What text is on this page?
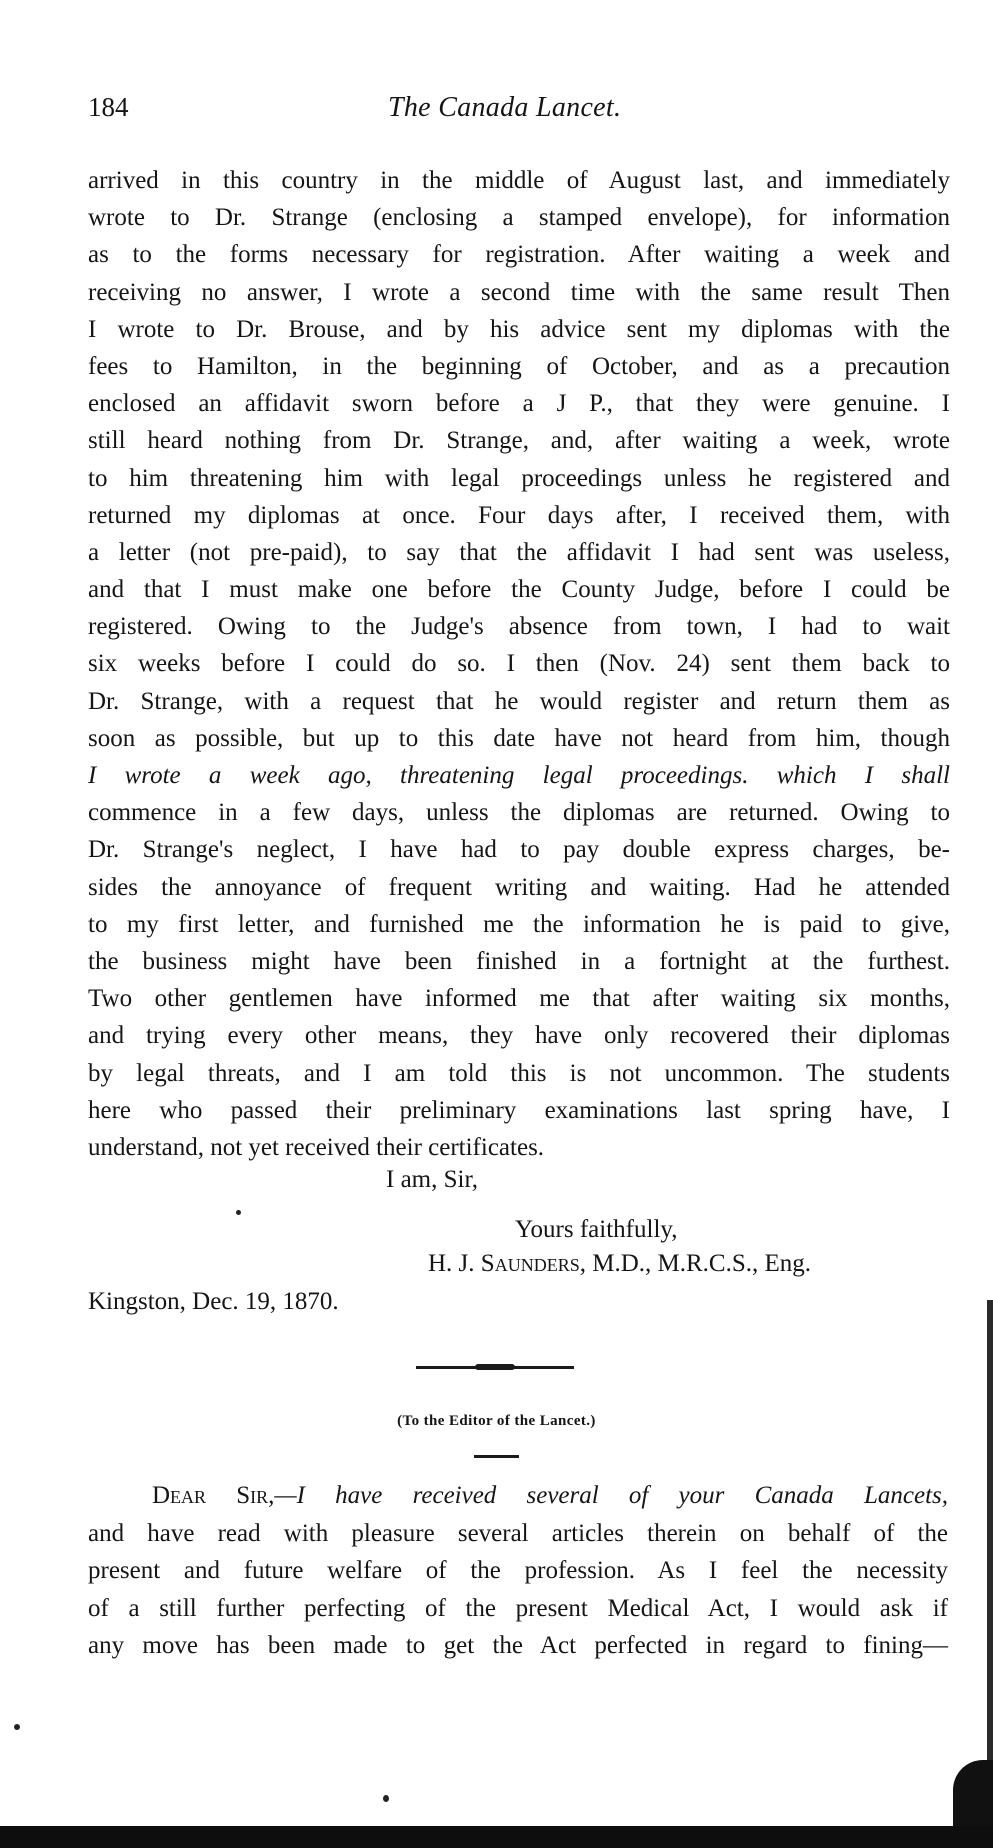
184	The Canada Lancet.
arrived in this country in the middle of August last, and immediately
wrote to Dr. Strange (enclosing a stamped envelope), for information
as to the forms necessary for registration. After waiting a week and
receiving no answer, I wrote a second time with the same result Then
I wrote to Dr. Brouse, and by his advice sent my diplomas with the
fees to Hamilton, in the beginning of October, and as a precaution
enclosed an affidavit sworn before a J P., that they were genuine. I
still heard nothing from Dr. Strange, and, after waiting a week, wrote
to him threatening him with legal proceedings unless he registered and
returned my diplomas at once. Four days after, I received them, with
a letter (not pre-paid), to say that the affidavit I had sent was useless,
and that I must make one before the County Judge, before I could be
registered. Owing to the Judge's absence from town, I had to wait
six weeks before I could do so. I then (Nov. 24) sent them back to
Dr. Strange, with a request that he would register and return them as
soon as possible, but up to this date have not heard from him, though
I wrote a week ago, threatening legal proceedings. which I shall
commence in a few days, unless the diplomas are returned. Owing to
Dr. Strange's neglect, I have had to pay double express charges, be-
sides the annoyance of frequent writing and waiting. Had he attended
to my first letter, and furnished me the information he is paid to give,
the business might have been finished in a fortnight at the furthest.
Two other gentlemen have informed me that after waiting six months,
and trying every other means, they have only recovered their diplomas
by legal threats, and I am told this is not uncommon. The students
here who passed their preliminary examinations last spring have, I
understand, not yet received their certificates.
I am, Sir,
Yours faithfully,
H. J. Saunders, M.D., M.R.C.S., Eng.
Kingston, Dec. 19, 1870.
(To the Editor of the Lancet.)
Dear Sir,—I have received several of your Canada Lancets,
and have read with pleasure several articles therein on behalf of the
present and future welfare of the profession. As I feel the necessity
of a still further perfecting of the present Medical Act, I would ask if
any move has been made to get the Act perfected in regard to fining—
